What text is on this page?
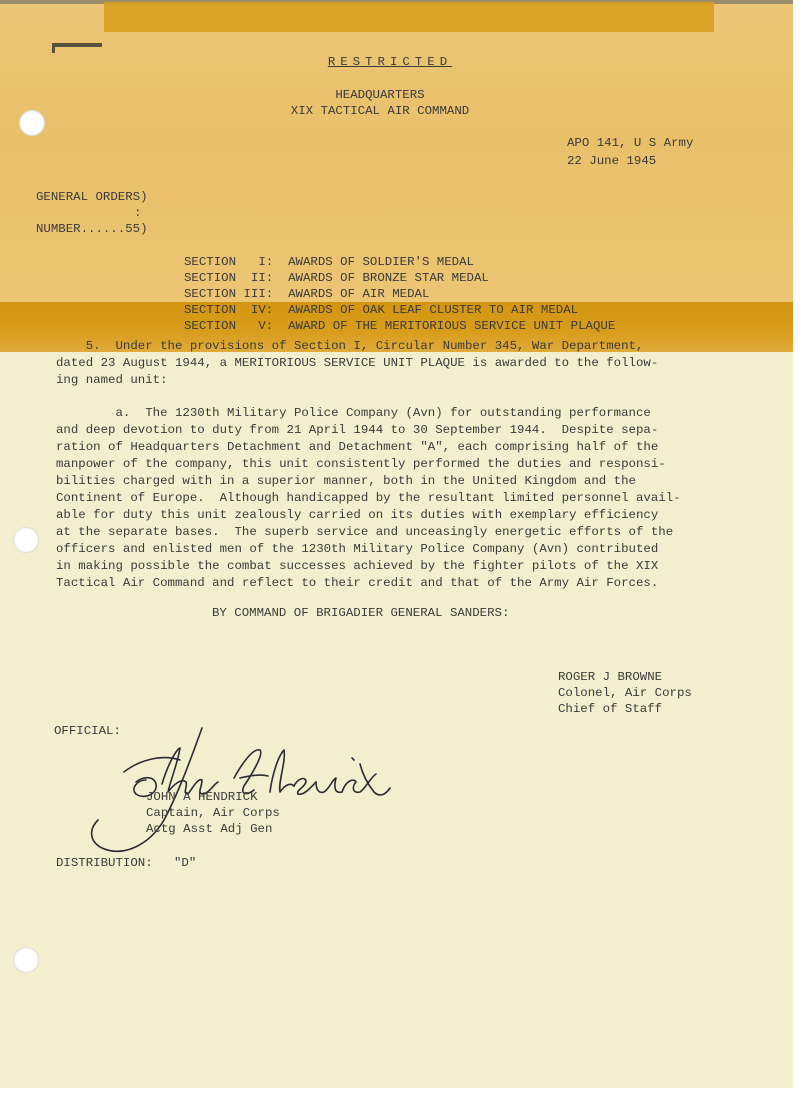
RESTRICTED

HEADQUARTERS

XIX TACTICAL AIR COMMAND

APO 141, U S Army

22 June 1945

GENERAL ORDERS)

:

NUMBER......55)

SECTION   I:  AWARDS OF SOLDIER'S MEDAL

SECTION  II:  AWARDS OF BRONZE STAR MEDAL

SECTION III:  AWARDS OF AIR MEDAL

SECTION  IV:  AWARDS OF OAK LEAF CLUSTER TO AIR MEDAL

SECTION   V:  AWARD OF THE MERITORIOUS SERVICE UNIT PLAQUE

5.  Under the provisions of Section I, Circular Number 345, War Department,

dated 23 August 1944, a MERITORIOUS SERVICE UNIT PLAQUE is awarded to the follow-

ing named unit:

a.  The 1230th Military Police Company (Avn) for outstanding performance

and deep devotion to duty from 21 April 1944 to 30 September 1944.  Despite sepa-

ration of Headquarters Detachment and Detachment "A", each comprising half of the

manpower of the company, this unit consistently performed the duties and responsi-

bilities charged with in a superior manner, both in the United Kingdom and the

Continent of Europe.  Although handicapped by the resultant limited personnel avail-

able for duty this unit zealously carried on its duties with exemplary efficiency

at the separate bases.  The superb service and unceasingly energetic efforts of the

officers and enlisted men of the 1230th Military Police Company (Avn) contributed

in making possible the combat successes achieved by the fighter pilots of the XIX

Tactical Air Command and reflect to their credit and that of the Army Air Forces.

BY COMMAND OF BRIGADIER GENERAL SANDERS:

ROGER J BROWNE

Colonel, Air Corps

Chief of Staff

OFFICIAL:

JOHN A HENDRICK

Captain, Air Corps

Actg Asst Adj Gen

DISTRIBUTION: "D"
